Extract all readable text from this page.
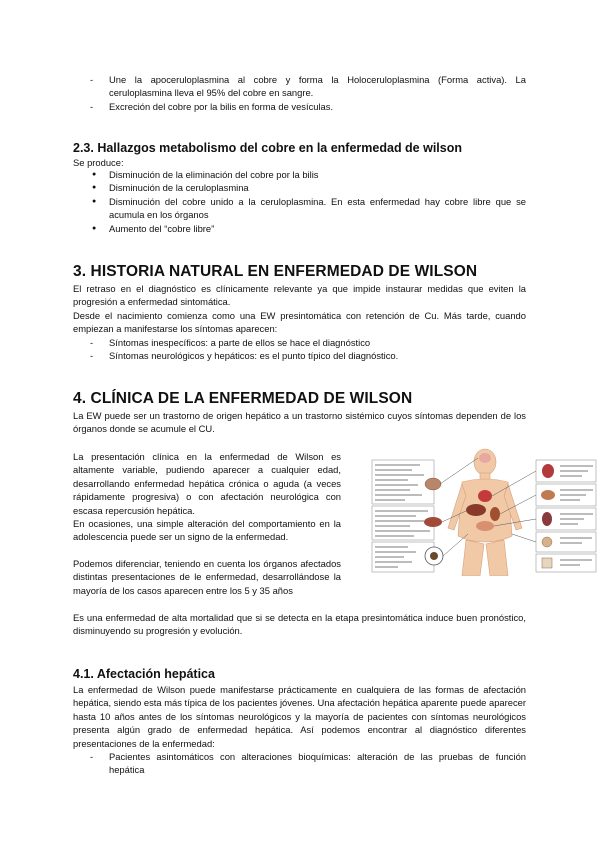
- Une la apoceruloplasmina al cobre y forma la Holoceruloplasmina (Forma activa). La ceruloplasmina lleva el 95% del cobre en sangre.
- Excreción del cobre por la bilis en forma de vesículas.
2.3. Hallazgos metabolismo del cobre en la enfermedad de wilson

Se produce:

● Disminución de la eliminación del cobre por la bilis
● Disminución de la ceruloplasmina
● Disminución del cobre unido a la ceruloplasmina. En esta enfermedad hay cobre libre que se acumula en los órganos
● Aumento del “cobre libre”
3. HISTORIA NATURAL EN ENFERMEDAD DE WILSON

El retraso en el diagnóstico es clínicamente relevante ya que impide instaurar medidas que eviten la progresión a enfermedad sintomática.

Desde el nacimiento comienza como una EW presintomática con retención de Cu. Más tarde, cuando empiezan a manifestarse los síntomas aparecen:

- Síntomas inespecíficos: a parte de ellos se hace el diagnóstico
- Síntomas neurológicos y hepáticos: es el punto típico del diagnóstico.
4. CLÍNICA DE LA ENFERMEDAD DE WILSON

La EW puede ser un trastorno de origen hepático a un trastorno sistémico cuyos síntomas dependen de los órganos donde se acumule el CU.

La presentación clínica en la enfermedad de Wilson es altamente variable, pudiendo aparecer a cualquier edad, desarrollando enfermedad hepática crónica o aguda (a veces rápidamente progresiva) o con afectación neurológica con escasa repercusión hepática.

En ocasiones, una simple alteración del comportamiento en la adolescencia puede ser un signo de la enfermedad.

Podemos diferenciar, teniendo en cuenta los órganos afectados distintas presentaciones de le enfermedad, desarrollándose la mayoría de los casos aparecen entre los 5 y 35 años

Es una enfermedad de alta mortalidad que si se detecta en la etapa presintomática induce buen pronóstico, disminuyendo su progresión y evolución.

4.1. Afectación hepática

La enfermedad de Wilson puede manifestarse prácticamente en cualquiera de las formas de afectación hepática, siendo esta más típica de los pacientes jóvenes. Una afectación hepática aparente puede aparecer hasta 10 años antes de los síntomas neurológicos y la mayoría de pacientes con síntomas neurológicos presenta algún grado de enfermedad hepática. Así podemos encontrar al diagnóstico diferentes presentaciones de la enfermedad:

- Pacientes asintomáticos con alteraciones bioquímicas: alteración de las pruebas de función hepática
